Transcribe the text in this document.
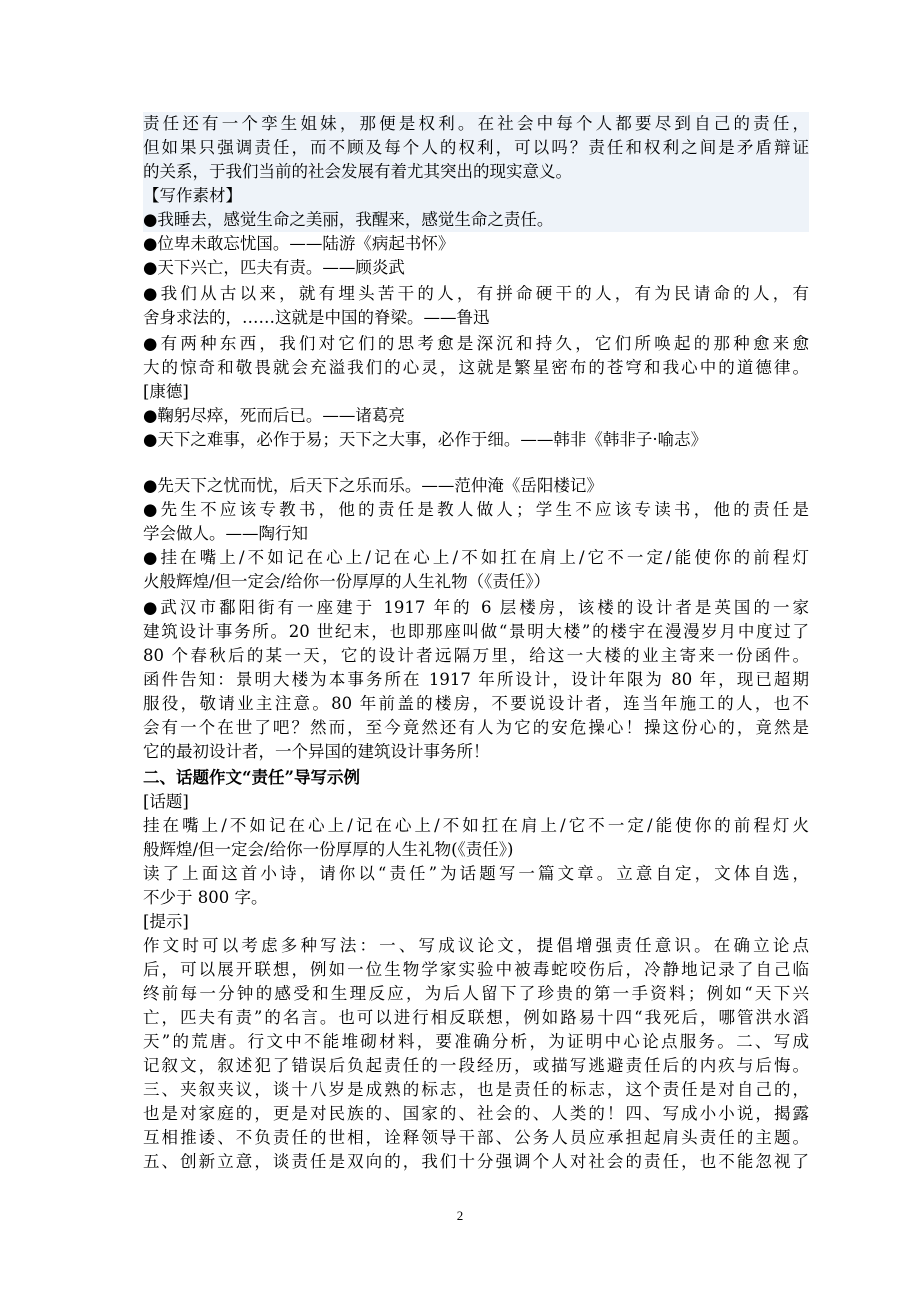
责任还有一个孪生姐妹，那便是权利。在社会中每个人都要尽到自己的责任，
但如果只强调责任，而不顾及每个人的权利，可以吗？责任和权利之间是矛盾辩证
的关系，于我们当前的社会发展有着尤其突出的现实意义。
【写作素材】
●我睡去，感觉生命之美丽，我醒来，感觉生命之责任。
●位卑未敢忘忧国。——陆游《病起书怀》
●天下兴亡，匹夫有责。——顾炎武
●我们从古以来，就有埋头苦干的人，有拼命硬干的人，有为民请命的人，有
舍身求法的，……这就是中国的脊梁。——鲁迅
●有两种东西，我们对它们的思考愈是深沉和持久，它们所唤起的那种愈来愈
大的惊奇和敬畏就会充溢我们的心灵，这就是繁星密布的苍穹和我心中的道德律。
[康德]
●鞠躬尽瘁，死而后已。——诸葛亮
●天下之难事，必作于易；天下之大事，必作于细。——韩非《韩非子·喻志》
●先天下之忧而忧，后天下之乐而乐。——范仲淹《岳阳楼记》
●先生不应该专教书，他的责任是教人做人；学生不应该专读书，他的责任是
学会做人。——陶行知
●挂在嘴上/不如记在心上/记在心上/不如扛在肩上/它不一定/能使你的前程灯
火般辉煌/但一定会/给你一份厚厚的人生礼物（《责任》）
●武汉市鄱阳街有一座建于 1917 年的 6 层楼房，该楼的设计者是英国的一家
建筑设计事务所。20 世纪末，也即那座叫做“景明大楼”的楼宇在漫漫岁月中度过了
80 个春秋后的某一天，它的设计者远隔万里，给这一大楼的业主寄来一份函件。
函件告知：景明大楼为本事务所在 1917 年所设计，设计年限为 80 年，现已超期
服役，敬请业主注意。80 年前盖的楼房，不要说设计者，连当年施工的人，也不
会有一个在世了吧？然而，至今竟然还有人为它的安危操心！操这份心的，竟然是
它的最初设计者，一个异国的建筑设计事务所！
二、话题作文“责任”导写示例
[话题]
挂在嘴上/不如记在心上/记在心上/不如扛在肩上/它不一定/能使你的前程灯火
般辉煌/但一定会/给你一份厚厚的人生礼物(《责任》)
读了上面这首小诗，请你以“责任”为话题写一篇文章。立意自定，文体自选，
不少于 800 字。
[提示]
作文时可以考虑多种写法：一、写成议论文，提倡增强责任意识。在确立论点
后，可以展开联想，例如一位生物学家实验中被毒蛇咬伤后，冷静地记录了自己临
终前每一分钟的感受和生理反应，为后人留下了珍贵的第一手资料；例如“天下兴
亡，匹夫有责”的名言。也可以进行相反联想，例如路易十四“我死后，哪管洪水滔
天”的荒唐。行文中不能堆砌材料，要准确分析，为证明中心论点服务。二、写成
记叙文，叙述犯了错误后负起责任的一段经历，或描写逃避责任后的内疚与后悔。
三、夹叙夹议，谈十八岁是成熟的标志，也是责任的标志，这个责任是对自己的，
也是对家庭的，更是对民族的、国家的、社会的、人类的！四、写成小小说，揭露
互相推诿、不负责任的世相，诠释领导干部、公务人员应承担起肩头责任的主题。
五、创新立意，谈责任是双向的，我们十分强调个人对社会的责任，也不能忽视了
2
